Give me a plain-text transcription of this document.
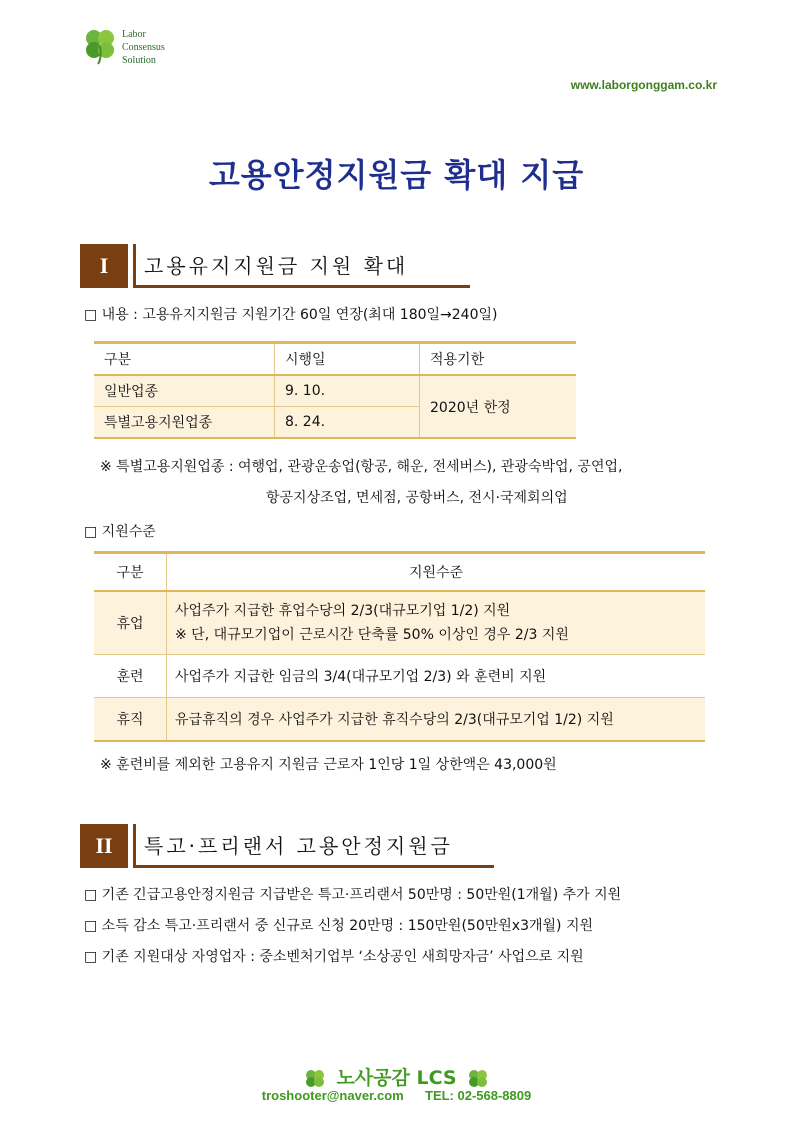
Labor
Consensus
Solution
www.laborgonggam.co.kr
고용안정지원금 확대 지급
I	고용유지지원금 지원 확대
□ 내용 : 고용유지지원금 지원기간 60일 연장(최대 180일→240일)
구분	시행일	적용기한
일반업종	9. 10.	2020년 한정
특별고용지원업종	8. 24.	
※ 특별고용지원업종 : 여행업, 관광운송업(항공, 해운, 전세버스), 관광숙박업, 공연업,
항공지상조업, 면세점, 공항버스, 전시·국제회의업
□ 지원수준
구분	지원수준
휴업	사업주가 지급한 휴업수당의 2/3(대규모기업 1/2) 지원
※ 단, 대규모기업이 근로시간 단축률 50% 이상인 경우 2/3 지원

훈련	사업주가 지급한 임금의 3/4(대규모기업 2/3) 와 훈련비 지원
휴직	유급휴직의 경우 사업주가 지급한 휴직수당의 2/3(대규모기업 1/2) 지원
※ 훈련비를 제외한 고용유지 지원금 근로자 1인당 1일 상한액은 43,000원
II	특고·프리랜서 고용안정지원금
□ 기존 긴급고용안정지원금 지급받은 특고·프리랜서 50만명 : 50만원(1개월) 추가 지원
□ 소득 감소 특고·프리랜서 중 신규로 신청 20만명 : 150만원(50만원x3개월) 지원
□ 기존 지원대상 자영업자 : 중소벤처기업부 ‘소상공인 새희망자금’ 사업으로 지원
노사공감 LCS
troshooter@naver.com TEL: 02-568-8809
